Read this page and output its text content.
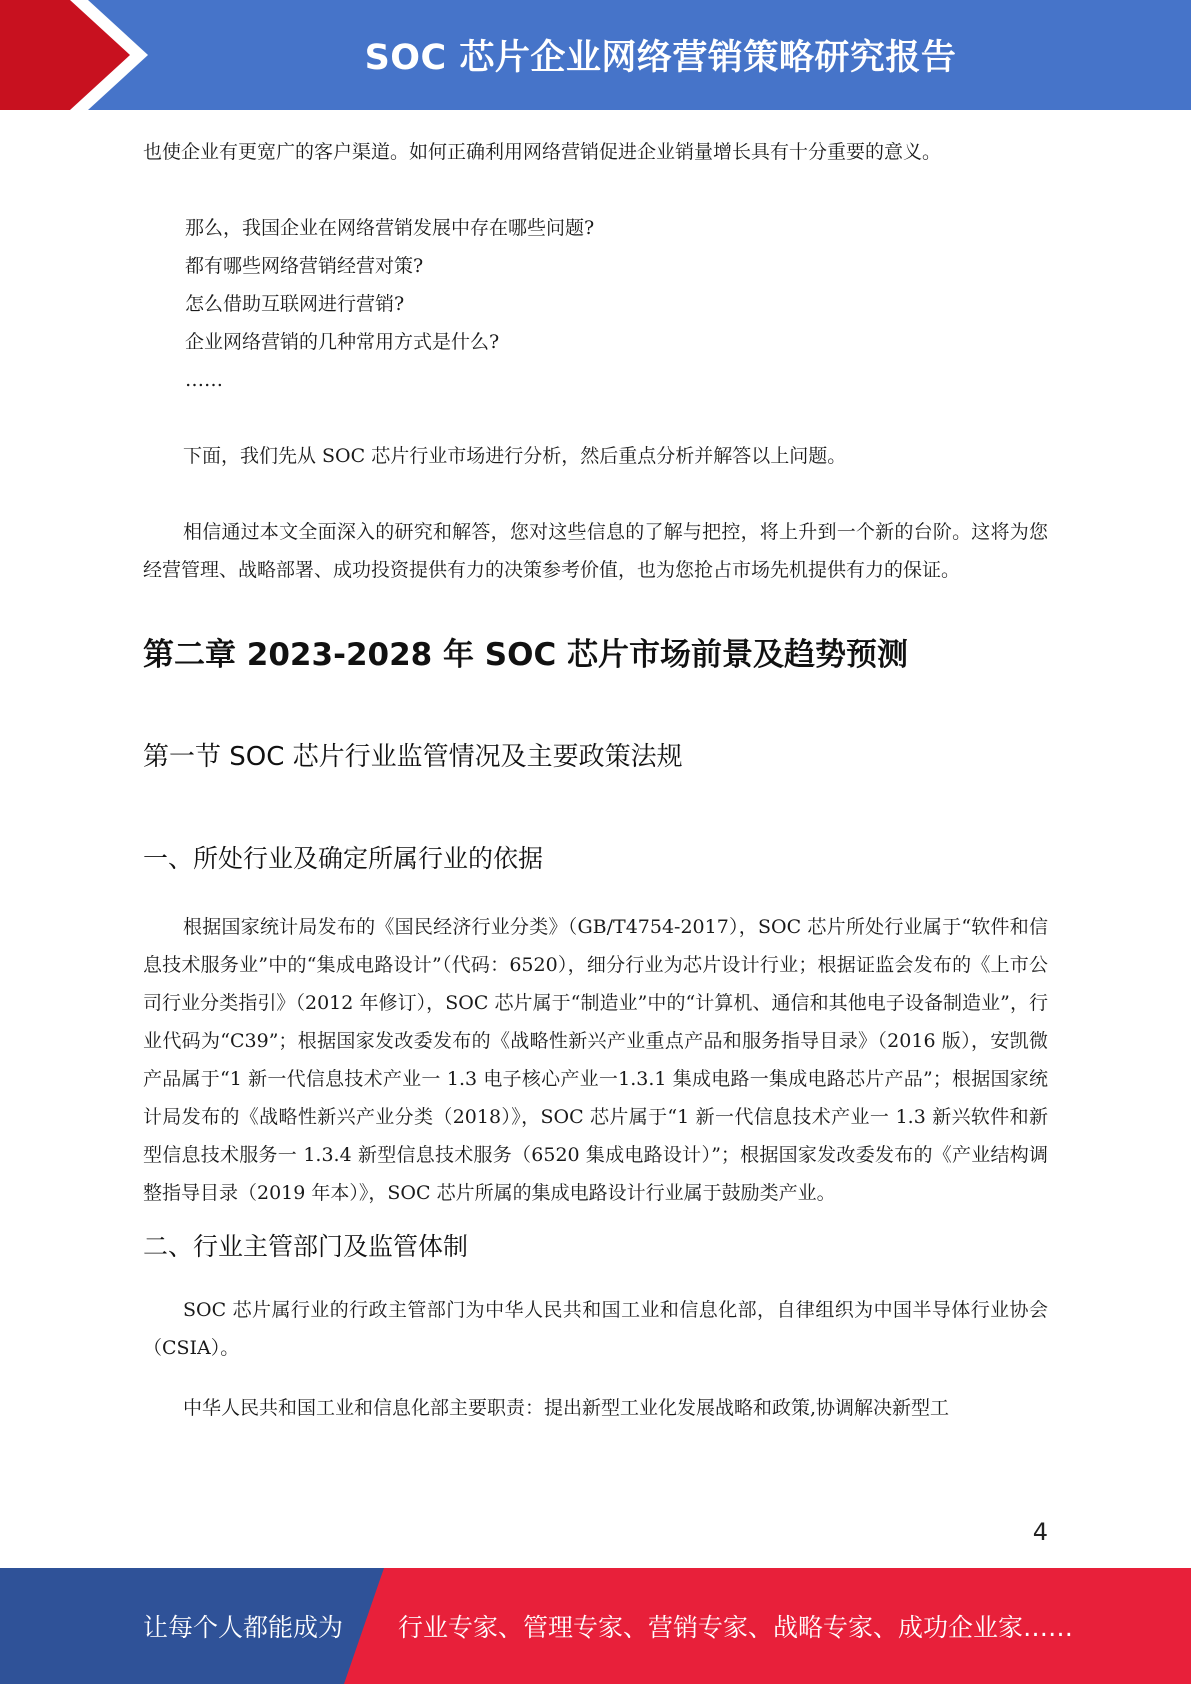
SOC 芯片企业网络营销策略研究报告

也使企业有更宽广的客户渠道。如何正确利用网络营销促进企业销量增长具有十分重要的意义。

那么，我国企业在网络营销发展中存在哪些问题?
都有哪些网络营销经营对策?
怎么借助互联网进行营销?
企业网络营销的几种常用方式是什么?
……

下面，我们先从 SOC 芯片行业市场进行分析，然后重点分析并解答以上问题。

相信通过本文全面深入的研究和解答，您对这些信息的了解与把控，将上升到一个新的台阶。这将为您经营管理、战略部署、成功投资提供有力的决策参考价值，也为您抢占市场先机提供有力的保证。

第二章 2023-2028 年 SOC 芯片市场前景及趋势预测
第一节 SOC 芯片行业监管情况及主要政策法规
一、所处行业及确定所属行业的依据

根据国家统计局发布的《国民经济行业分类》（GB/T4754-2017），SOC 芯片所处行业属于“软件和信息技术服务业”中的“集成电路设计”（代码：6520），细分行业为芯片设计行业；根据证监会发布的《上市公司行业分类指引》（2012 年修订），SOC 芯片属于“制造业”中的“计算机、通信和其他电子设备制造业”，行业代码为“C39”；根据国家发改委发布的《战略性新兴产业重点产品和服务指导目录》（2016 版），安凯微产品属于“1 新一代信息技术产业一 1.3 电子核心产业一1.3.1 集成电路一集成电路芯片产品”；根据国家统计局发布的《战略性新兴产业分类（2018）》，SOC 芯片属于“1 新一代信息技术产业一 1.3 新兴软件和新型信息技术服务一 1.3.4 新型信息技术服务（6520 集成电路设计）”；根据国家发改委发布的《产业结构调整指导目录（2019 年本）》，SOC 芯片所属的集成电路设计行业属于鼓励类产业。

二、行业主管部门及监管体制

SOC 芯片属行业的行政主管部门为中华人民共和国工业和信息化部，自律组织为中国半导体行业协会（CSIA）。

中华人民共和国工业和信息化部主要职责：提出新型工业化发展战略和政策,协调解决新型工

4
让每个人都能成为 行业专家、管理专家、营销专家、战略专家、成功企业家……
